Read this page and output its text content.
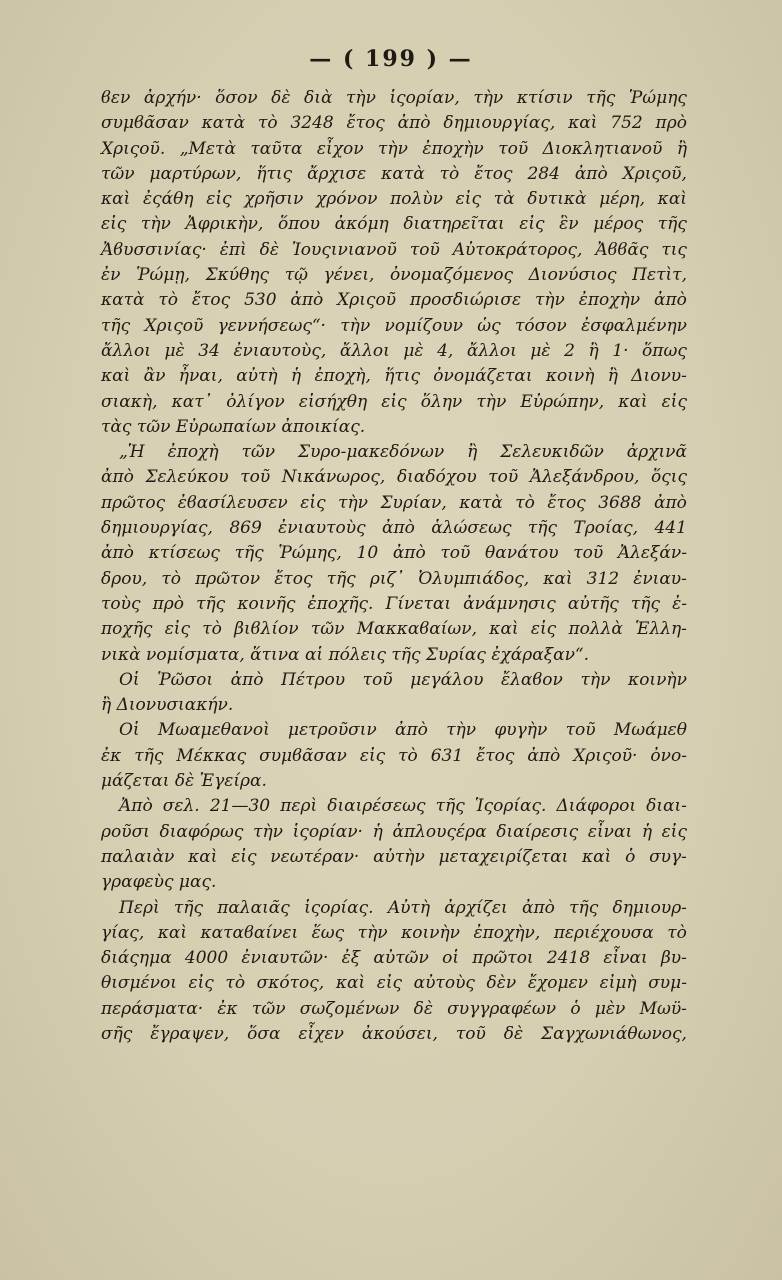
— ( 199 ) —
ϐεν ἀρχήν· ὅσον δὲ διὰ τὴν ἱςορίαν, τὴν κτίσιν τῆς Ῥώμης
συμϐᾶσαν κατὰ τὸ 3248 ἔτος ἀπὸ δημιουργίας, καὶ 752 πρὸ
Χριςοῦ. „Μετὰ ταῦτα εἶχον τὴν ἐποχὴν τοῦ Διοκλητιανοῦ ἢ
τῶν μαρτύρων, ἥτις ἄρχισε κατὰ τὸ ἔτος 284 ἀπὸ Χριςοῦ,
καὶ ἐςάθη εἰς χρῆσιν χρόνον πολὺν εἰς τὰ δυτικὰ μέρη, καὶ
εἰς τὴν Ἀφρικὴν, ὅπου ἀκόμη διατηρεῖται εἰς ἓν μέρος τῆς
Ἀϐυσσινίας· ἐπὶ δὲ Ἰουςινιανοῦ τοῦ Αὐτοκράτορος, Ἀϐϐᾶς τις
ἐν Ῥώμῃ, Σκύθης τῷ γένει, ὀνομαζόμενος Διονύσιος Πετὶτ,
κατὰ τὸ ἔτος 530 ἀπὸ Χριςοῦ προσδιώρισε τὴν ἐποχὴν ἀπὸ
τῆς Χριςοῦ γεννήσεως“· τὴν νομίζουν ὡς τόσον ἐσφαλμένην
ἄλλοι μὲ 34 ἐνιαυτοὺς, ἄλλοι μὲ 4, ἄλλοι μὲ 2 ἢ 1· ὅπως
καὶ ἂν ἦναι, αὐτὴ ἡ ἐποχὴ, ἥτις ὀνομάζεται κοινὴ ἢ Διονυ-
σιακὴ, κατ᾿ ὀλίγον εἰσήχθη εἰς ὅλην τὴν Εὐρώπην, καὶ εἰς
τὰς τῶν Εὐρωπαίων ἀποικίας.
„Ἡ ἐποχὴ τῶν Συρο-μακεδόνων ἢ Σελευκιδῶν ἀρχινᾶ
ἀπὸ Σελεύκου τοῦ Νικάνωρος, διαδόχου τοῦ Ἀλεξάνδρου, ὅςις
πρῶτος ἐϐασίλευσεν εἰς τὴν Συρίαν, κατὰ τὸ ἔτος 3688 ἀπὸ
δημιουργίας, 869 ἐνιαυτοὺς ἀπὸ ἁλώσεως τῆς Τροίας, 441
ἀπὸ κτίσεως τῆς Ῥώμης, 10 ἀπὸ τοῦ θανάτου τοῦ Ἀλεξάν-
δρου, τὸ πρῶτον ἔτος τῆς ριζ᾿ Ὀλυμπιάδος, καὶ 312 ἐνιαυ-
τοὺς πρὸ τῆς κοινῆς ἐποχῆς. Γίνεται ἀνάμνησις αὐτῆς τῆς ἐ-
ποχῆς εἰς τὸ βιϐλίον τῶν Μακκαϐαίων, καὶ εἰς πολλὰ Ἑλλη-
νικὰ νομίσματα, ἅτινα αἱ πόλεις τῆς Συρίας ἐχάραξαν“.
Οἱ Ῥῶσοι ἀπὸ Πέτρου τοῦ μεγάλου ἔλαϐον τὴν κοινὴν
ἢ Διονυσιακήν.
Οἱ Μωαμεθανοὶ μετροῦσιν ἀπὸ τὴν φυγὴν τοῦ Μωάμεθ
ἐκ τῆς Μέκκας συμϐᾶσαν εἰς τὸ 631 ἔτος ἀπὸ Χριςοῦ· ὀνο-
μάζεται δὲ Ἐγείρα.
Ἀπὸ σελ. 21—30 περὶ διαιρέσεως τῆς Ἱςορίας. Διάφοροι διαι-
ροῦσι διαφόρως τὴν ἱςορίαν· ἡ ἁπλουςέρα διαίρεσις εἶναι ἡ εἰς
παλαιὰν καὶ εἰς νεωτέραν· αὐτὴν μεταχειρίζεται καὶ ὁ συγ-
γραφεὺς μας.
Περὶ τῆς παλαιᾶς ἱςορίας. Αὐτὴ ἀρχίζει ἀπὸ τῆς δημιουρ-
γίας, καὶ καταϐαίνει ἕως τὴν κοινὴν ἐποχὴν, περιέχουσα τὸ
διάςημα 4000 ἐνιαυτῶν· ἐξ αὐτῶν οἱ πρῶτοι 2418 εἶναι βυ-
θισμένοι εἰς τὸ σκότος, καὶ εἰς αὐτοὺς δὲν ἔχομεν εἰμὴ συμ-
περάσματα· ἐκ τῶν σωζομένων δὲ συγγραφέων ὁ μὲν Μωϋ-
σῆς ἔγραψεν, ὅσα εἶχεν ἀκούσει, τοῦ δὲ Σαγχωνιάθωνος,
